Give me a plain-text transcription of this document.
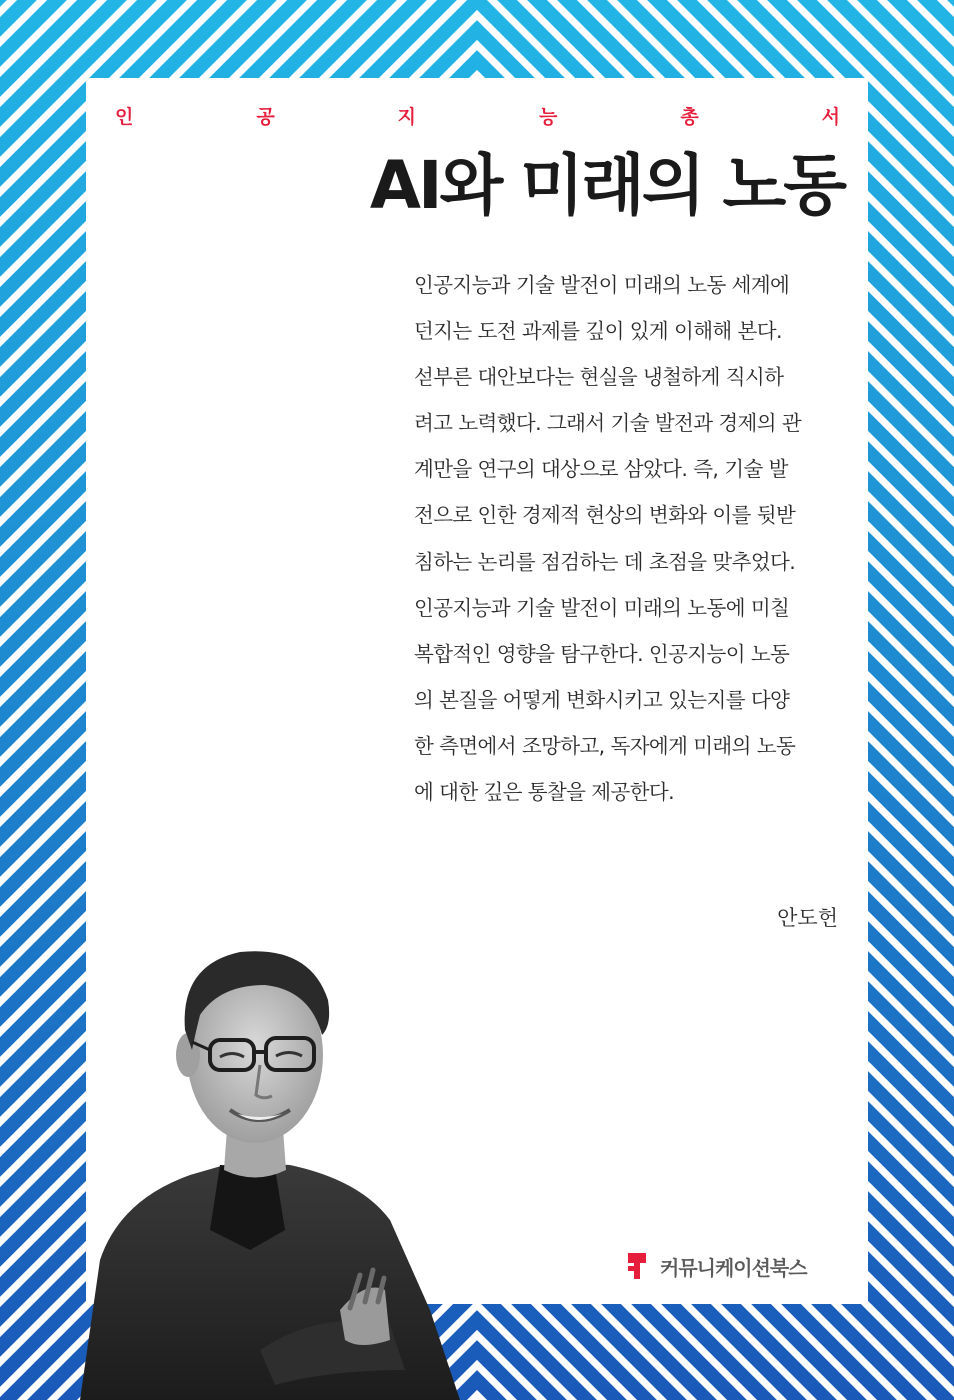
인	공	지	능	총	서
AI와 미래의 노동

인공지능과 기술 발전이 미래의 노동 세계에

던지는 도전 과제를 깊이 있게 이해해 본다.

섣부른 대안보다는 현실을 냉철하게 직시하

려고 노력했다. 그래서 기술 발전과 경제의 관

계만을 연구의 대상으로 삼았다. 즉, 기술 발

전으로 인한 경제적 현상의 변화와 이를 뒷받

침하는 논리를 점검하는 데 초점을 맞추었다.

인공지능과 기술 발전이 미래의 노동에 미칠

복합적인 영향을 탐구한다. 인공지능이 노동

의 본질을 어떻게 변화시키고 있는지를 다양

한 측면에서 조망하고, 독자에게 미래의 노동

에 대한 깊은 통찰을 제공한다.

안도헌
커뮤니케이션북스
